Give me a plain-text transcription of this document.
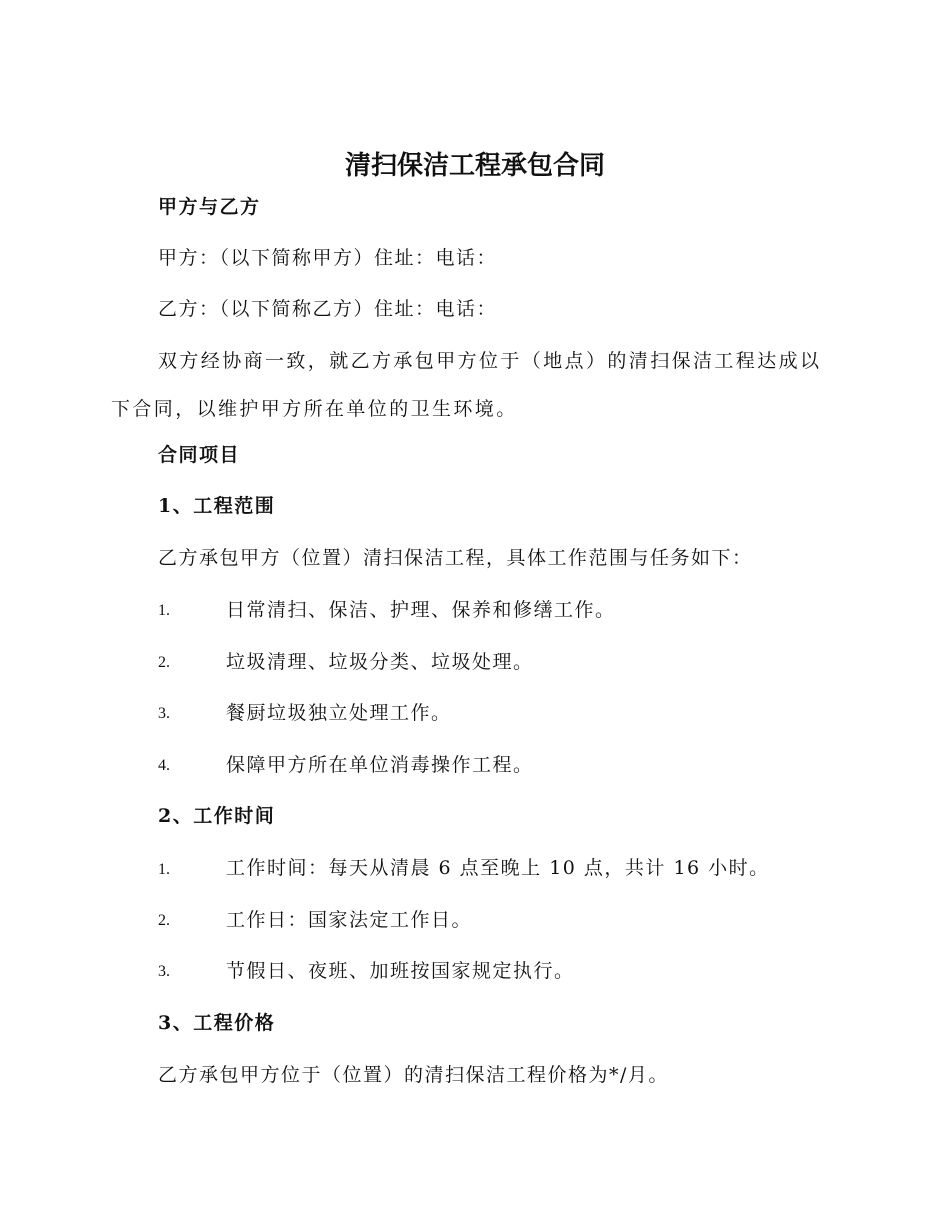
清扫保洁工程承包合同
甲方与乙方
甲方：（以下简称甲方）住址：电话：
乙方：（以下简称乙方）住址：电话：
双方经协商一致，就乙方承包甲方位于（地点）的清扫保洁工程达成以下合同，以维护甲方所在单位的卫生环境。
合同项目
1、工程范围
乙方承包甲方（位置）清扫保洁工程，具体工作范围与任务如下：
1.	日常清扫、保洁、护理、保养和修缮工作。
2.	垃圾清理、垃圾分类、垃圾处理。
3.	餐厨垃圾独立处理工作。
4.	保障甲方所在单位消毒操作工程。
2、工作时间
1.	工作时间：每天从清晨 6 点至晚上 10 点，共计 16 小时。
2.	工作日：国家法定工作日。
3.	节假日、夜班、加班按国家规定执行。
3、工程价格
乙方承包甲方位于（位置）的清扫保洁工程价格为*/月。
